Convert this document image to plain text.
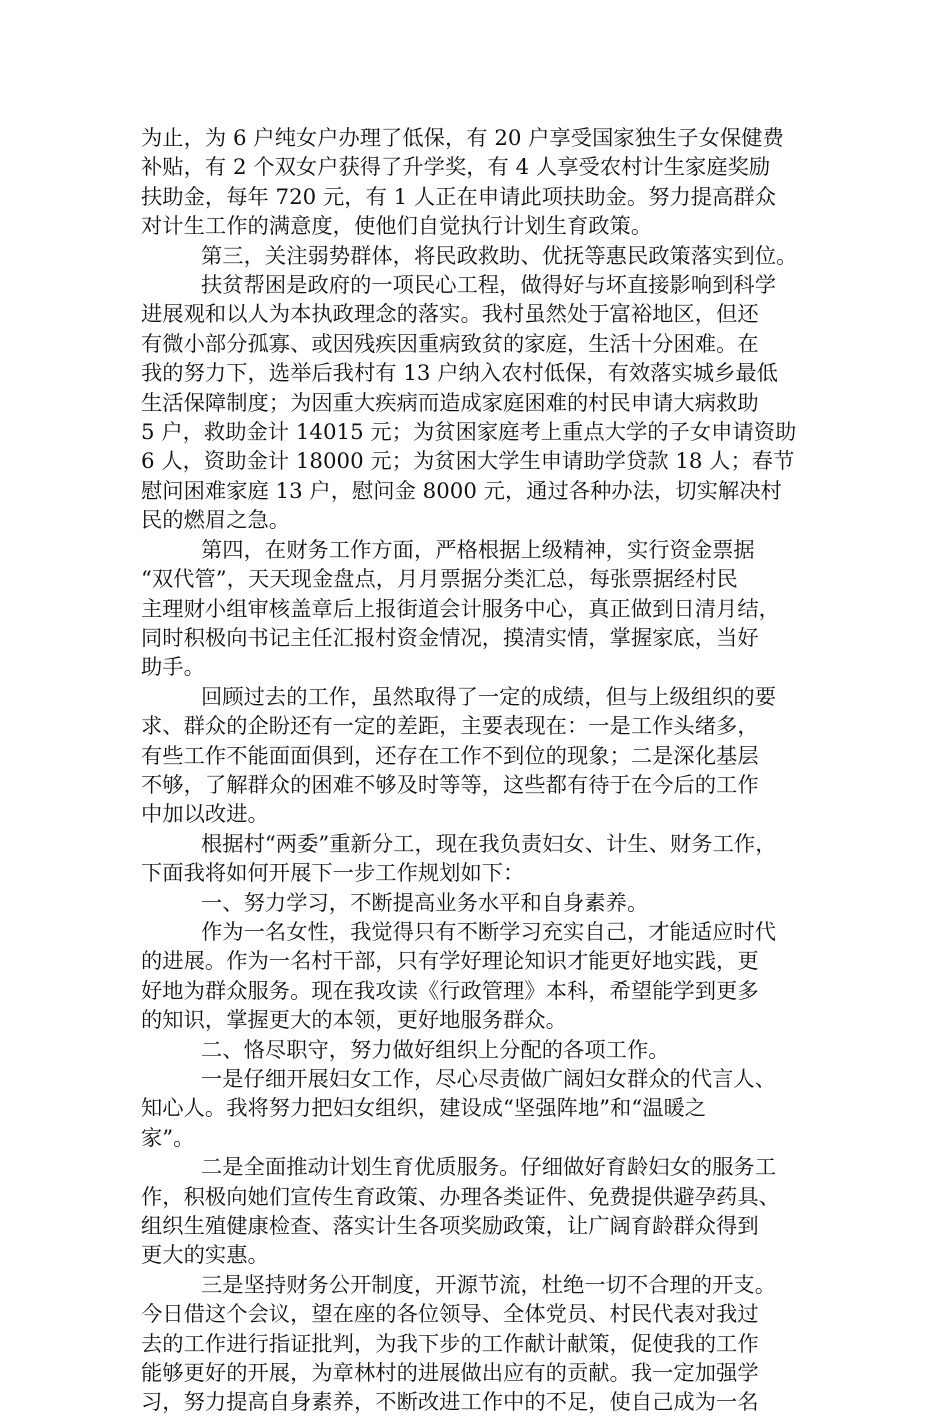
为止，为 6 户纯女户办理了低保，有 20 户享受国家独生子女保健费
补贴，有 2 个双女户获得了升学奖，有 4 人享受农村计生家庭奖励
扶助金，每年 720 元，有 1 人正在申请此项扶助金。努力提高群众
对计生工作的满意度，使他们自觉执行计划生育政策。
第三，关注弱势群体，将民政救助、优抚等惠民政策落实到位。
扶贫帮困是政府的一项民心工程，做得好与坏直接影响到科学
进展观和以人为本执政理念的落实。我村虽然处于富裕地区，但还
有微小部分孤寡、或因残疾因重病致贫的家庭，生活十分困难。在
我的努力下，选举后我村有 13 户纳入农村低保，有效落实城乡最低
生活保障制度；为因重大疾病而造成家庭困难的村民申请大病救助
5 户，救助金计 14015 元；为贫困家庭考上重点大学的子女申请资助
6 人，资助金计 18000 元；为贫困大学生申请助学贷款 18 人；春节
慰问困难家庭 13 户，慰问金 8000 元，通过各种办法，切实解决村
民的燃眉之急。
第四，在财务工作方面，严格根据上级精神，实行资金票据
“双代管”，天天现金盘点，月月票据分类汇总，每张票据经村民
主理财小组审核盖章后上报街道会计服务中心，真正做到日清月结，
同时积极向书记主任汇报村资金情况，摸清实情，掌握家底，当好
助手。
回顾过去的工作，虽然取得了一定的成绩，但与上级组织的要
求、群众的企盼还有一定的差距，主要表现在：一是工作头绪多，
有些工作不能面面俱到，还存在工作不到位的现象；二是深化基层
不够，了解群众的困难不够及时等等，这些都有待于在今后的工作
中加以改进。
根据村“两委”重新分工，现在我负责妇女、计生、财务工作，
下面我将如何开展下一步工作规划如下：
一、努力学习，不断提高业务水平和自身素养。
作为一名女性，我觉得只有不断学习充实自己，才能适应时代
的进展。作为一名村干部，只有学好理论知识才能更好地实践，更
好地为群众服务。现在我攻读《行政管理》本科，希望能学到更多
的知识，掌握更大的本领，更好地服务群众。
二、恪尽职守，努力做好组织上分配的各项工作。
一是仔细开展妇女工作，尽心尽责做广阔妇女群众的代言人、
知心人。我将努力把妇女组织，建设成“坚强阵地”和“温暖之
家”。
二是全面推动计划生育优质服务。仔细做好育龄妇女的服务工
作，积极向她们宣传生育政策、办理各类证件、免费提供避孕药具、
组织生殖健康检查、落实计生各项奖励政策，让广阔育龄群众得到
更大的实惠。
三是坚持财务公开制度，开源节流，杜绝一切不合理的开支。
今日借这个会议，望在座的各位领导、全体党员、村民代表对我过
去的工作进行指证批判，为我下步的工作献计献策，促使我的工作
能够更好的开展，为章林村的进展做出应有的贡献。我一定加强学
习，努力提高自身素养，不断改进工作中的不足，使自己成为一名
